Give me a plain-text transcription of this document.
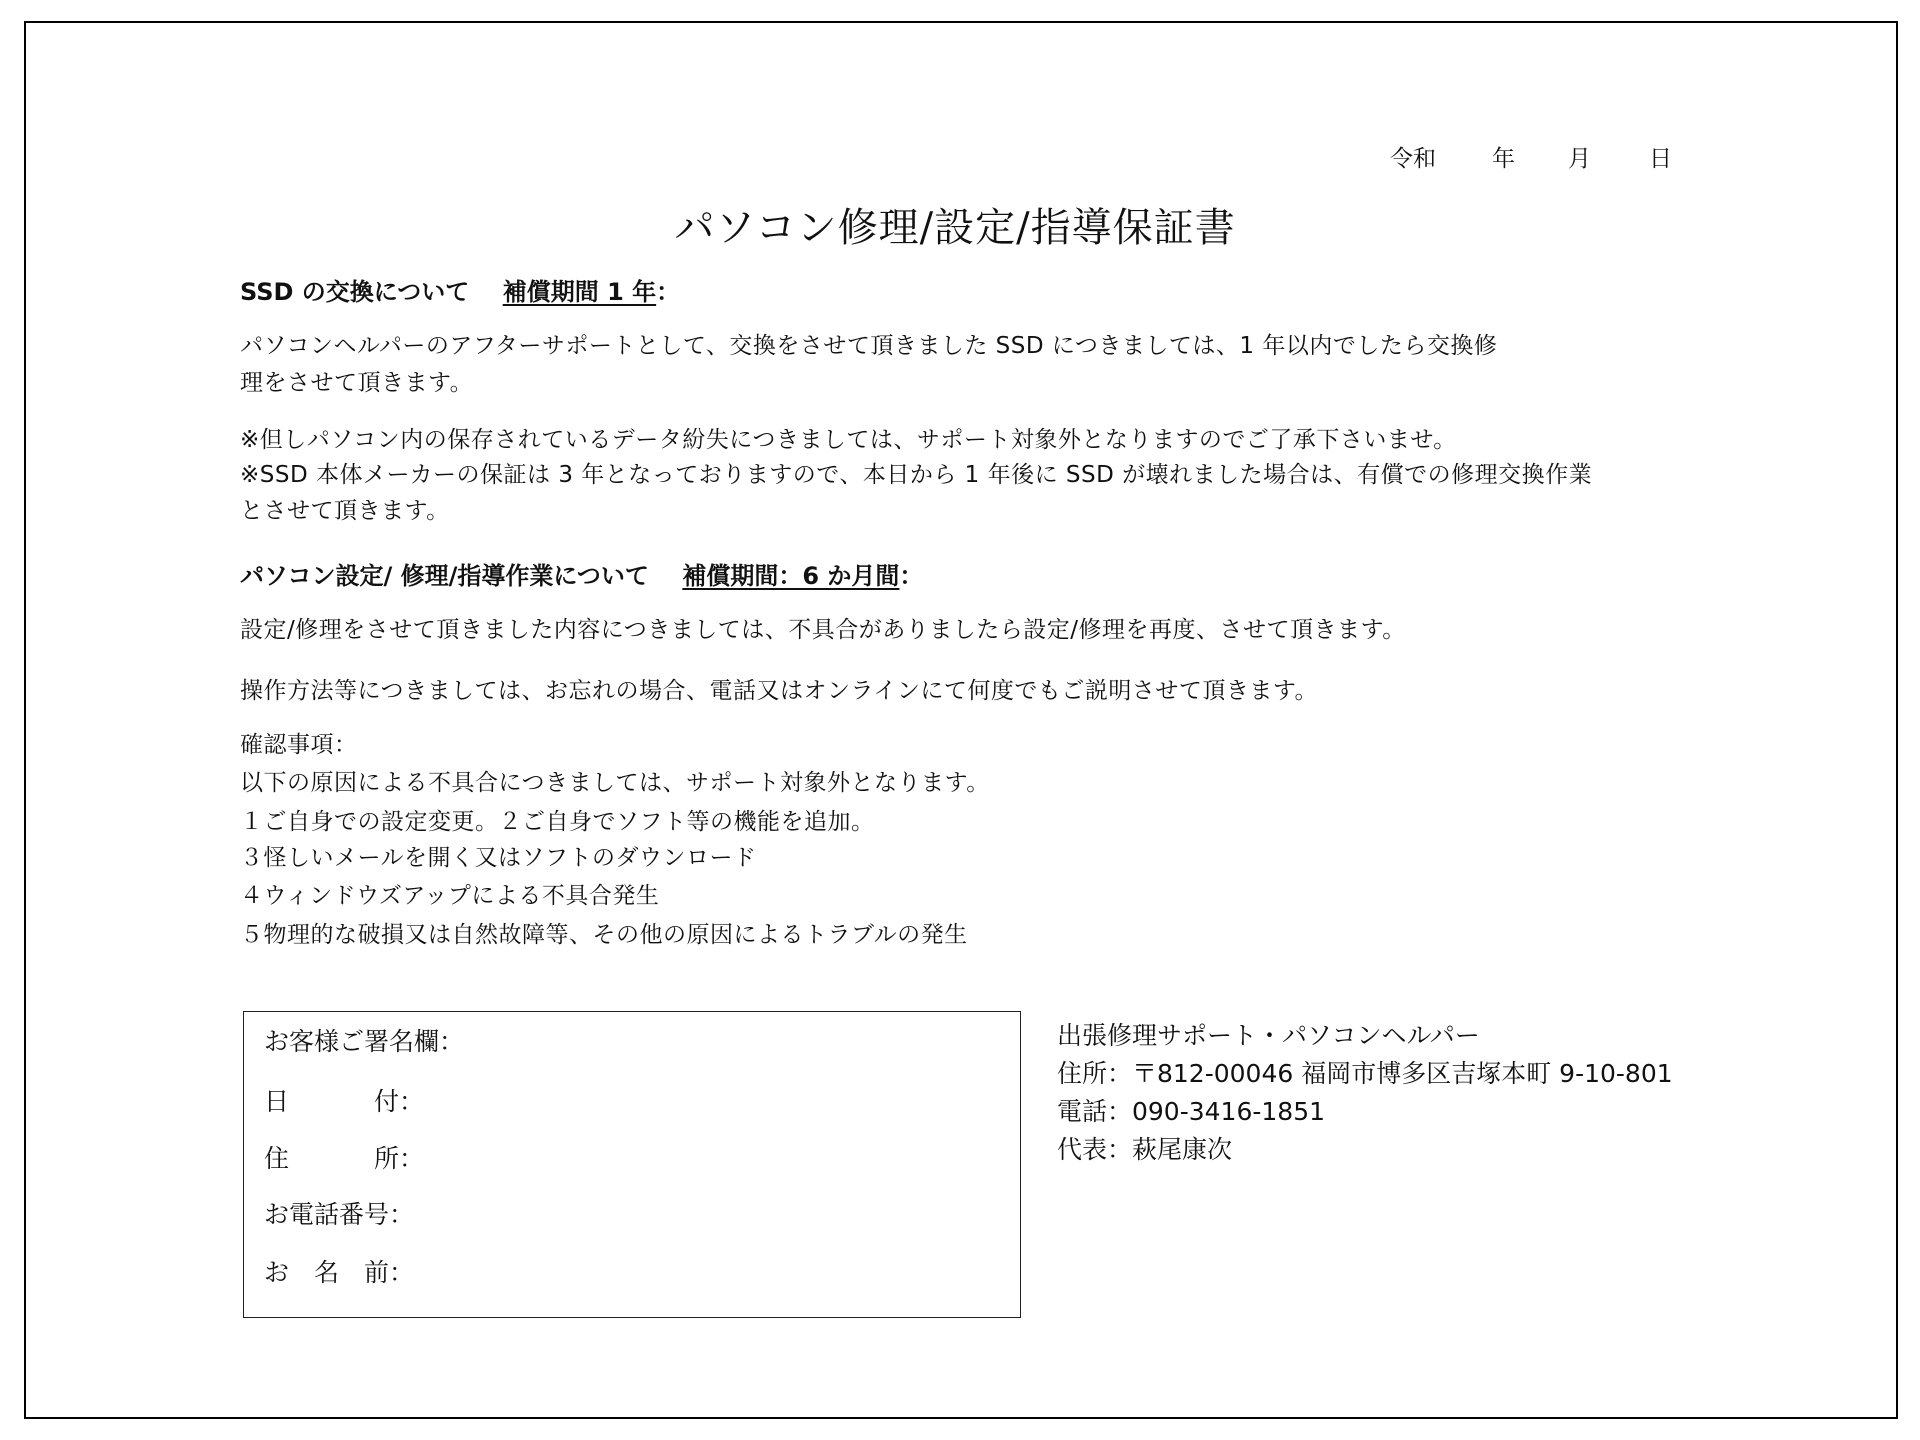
令和 年 月	日
パソコン修理/設定/指導保証書
SSD の交換について 補償期間 1 年：
パソコンヘルパーのアフターサポートとして、交換をさせて頂きました SSD につきましては、1 年以内でしたら交換修
理をさせて頂きます。
※但しパソコン内の保存されているデータ紛失につきましては、サポート対象外となりますのでご了承下さいませ。
※SSD 本体メーカーの保証は 3 年となっておりますので、本日から 1 年後に SSD が壊れました場合は、有償での修理交換作業
とさせて頂きます。
パソコン設定/ 修理/指導作業について 補償期間：6 か月間：
設定/修理をさせて頂きました内容につきましては、不具合がありましたら設定/修理を再度、させて頂きます。
操作方法等につきましては、お忘れの場合、電話又はオンラインにて何度でもご説明させて頂きます。
確認事項：
以下の原因による不具合につきましては、サポート対象外となります。
１ご自身での設定変更。２ご自身でソフト等の機能を追加。
３怪しいメールを開く又はソフトのダウンロード
４ウィンドウズアップによる不具合発生
５物理的な破損又は自然故障等、その他の原因によるトラブルの発生
お客様ご署名欄：
日	付：
住	所：
お電話番号：
お　名　前：
出張修理サポート・パソコンヘルパー
住所：〒812-00046 福岡市博多区吉塚本町 9-10-801
電話：090-3416-1851
代表：萩尾康次
